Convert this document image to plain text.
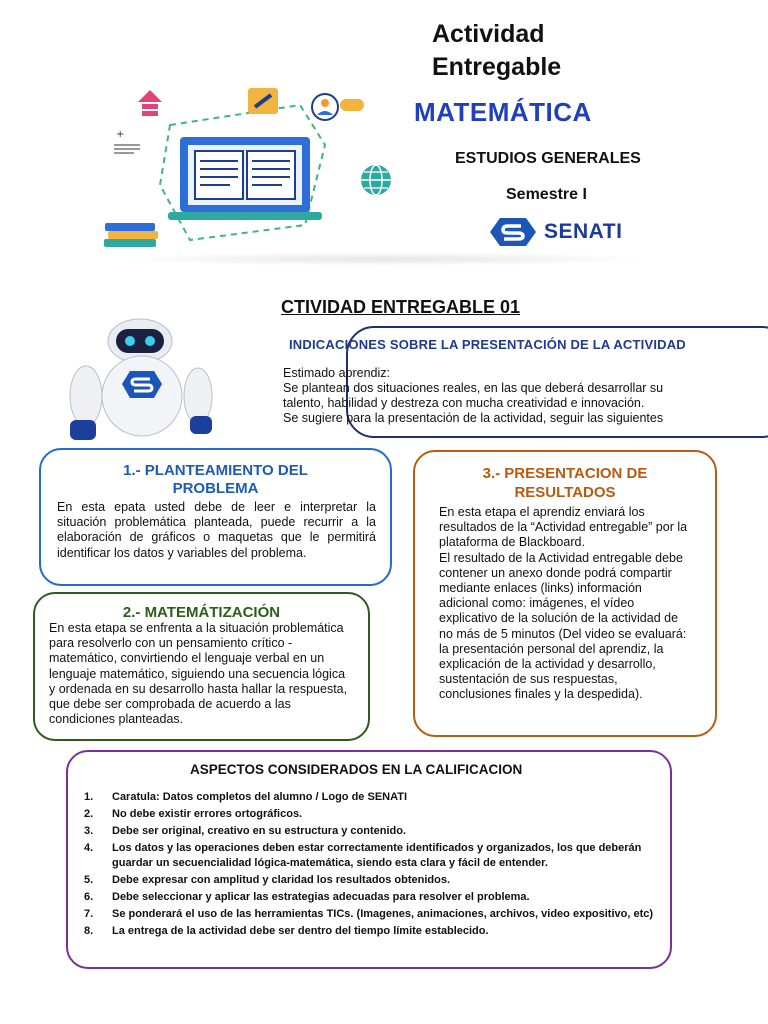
+
Actividad
Entregable
MATEMÁTICA
ESTUDIOS GENERALES
Semestre I
SENATI
CTIVIDAD ENTREGABLE 01
INDICACIONES SOBRE LA PRESENTACIÓN DE LA ACTIVIDAD
Estimado aprendiz:
Se plantean dos situaciones reales, en las que deberá desarrollar su
talento, habilidad y destreza con mucha creatividad e innovación.
Se sugiere para la presentación de la actividad, seguir las siguientes
1.- PLANTEAMIENTO DEL PROBLEMA
En esta epata usted debe de leer e interpretar la situación problemática planteada, puede recurrir a la elaboración de gráficos o maquetas que le permitirá identificar los datos y variables del problema.
2.- MATEMÁTIZACIÓN
En esta etapa se enfrenta a la situación problemática para resolverlo con un pensamiento crítico - matemático, convirtiendo el lenguaje verbal en un lenguaje matemático, siguiendo una secuencia lógica y ordenada en su desarrollo hasta hallar la respuesta, que debe ser comprobada de acuerdo a las condiciones planteadas.
3.- PRESENTACION DE RESULTADOS
En esta etapa el aprendiz enviará los resultados de la “Actividad entregable” por la plataforma de Blackboard.
El resultado de la Actividad entregable debe contener un anexo donde podrá compartir mediante enlaces (links) información adicional como: imágenes, el vídeo explicativo de la solución de la actividad de no más de 5 minutos (Del video se evaluará: la presentación personal del aprendiz, la explicación de la actividad y desarrollo, sustentación de sus respuestas, conclusiones finales y la despedida).
ASPECTOS CONSIDERADOS EN LA CALIFICACION
1.	Caratula: Datos completos del alumno / Logo de SENATI
2.	No debe existir errores ortográficos.
3.	Debe ser original, creativo en su estructura y contenido.
4.	Los datos y las operaciones deben estar correctamente identificados y organizados, los que deberán guardar un secuencialidad lógica-matemática, siendo esta clara y fácil de entender.
5.	Debe expresar con amplitud y claridad los resultados obtenidos.
6.	Debe seleccionar y aplicar las estrategias adecuadas para resolver el problema.
7.	Se ponderará el uso de las herramientas TICs. (Imagenes, animaciones, archivos, video expositivo, etc)
8.	La entrega de la actividad debe ser dentro del tiempo límite establecido.
